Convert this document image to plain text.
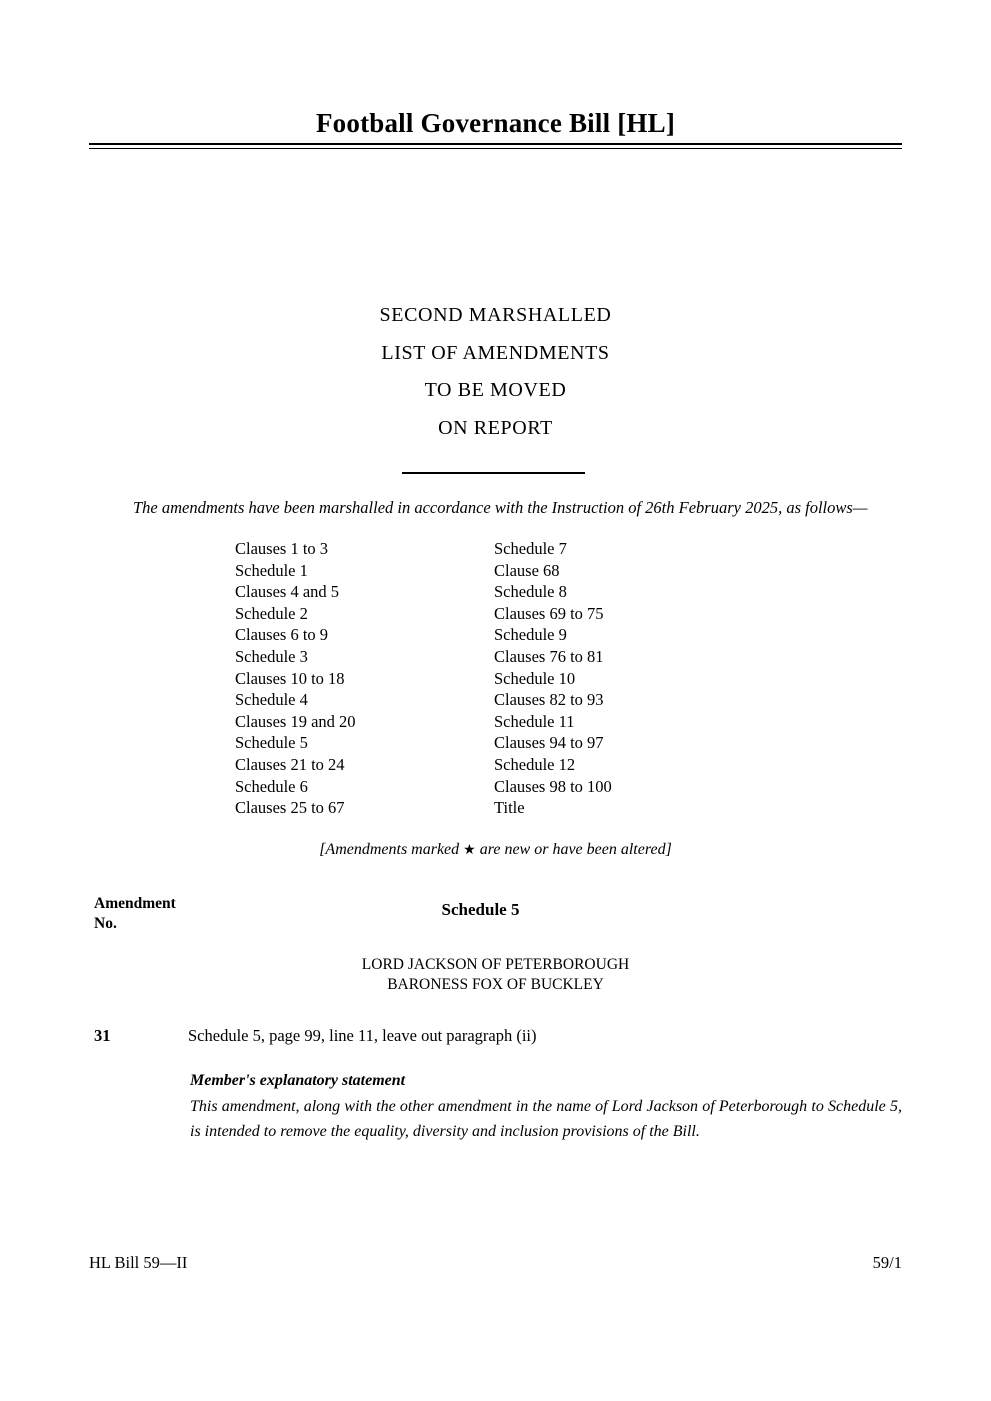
Football Governance Bill [HL]
SECOND MARSHALLED
LIST OF AMENDMENTS
TO BE MOVED
ON REPORT
The amendments have been marshalled in accordance with the Instruction of 26th February 2025, as follows—
Clauses 1 to 3
Schedule 1
Clauses 4 and 5
Schedule 2
Clauses 6 to 9
Schedule 3
Clauses 10 to 18
Schedule 4
Clauses 19 and 20
Schedule 5
Clauses 21 to 24
Schedule 6
Clauses 25 to 67
Schedule 7
Clause 68
Schedule 8
Clauses 69 to 75
Schedule 9
Clauses 76 to 81
Schedule 10
Clauses 82 to 93
Schedule 11
Clauses 94 to 97
Schedule 12
Clauses 98 to 100
Title
[Amendments marked ★ are new or have been altered]
Amendment
No.
Schedule 5
LORD JACKSON OF PETERBOROUGH
BARONESS FOX OF BUCKLEY
31	Schedule 5, page 99, line 11, leave out paragraph (ii)
Member's explanatory statement
This amendment, along with the other amendment in the name of Lord Jackson of Peterborough to Schedule 5, is intended to remove the equality, diversity and inclusion provisions of the Bill.
HL Bill 59—II	59/1
